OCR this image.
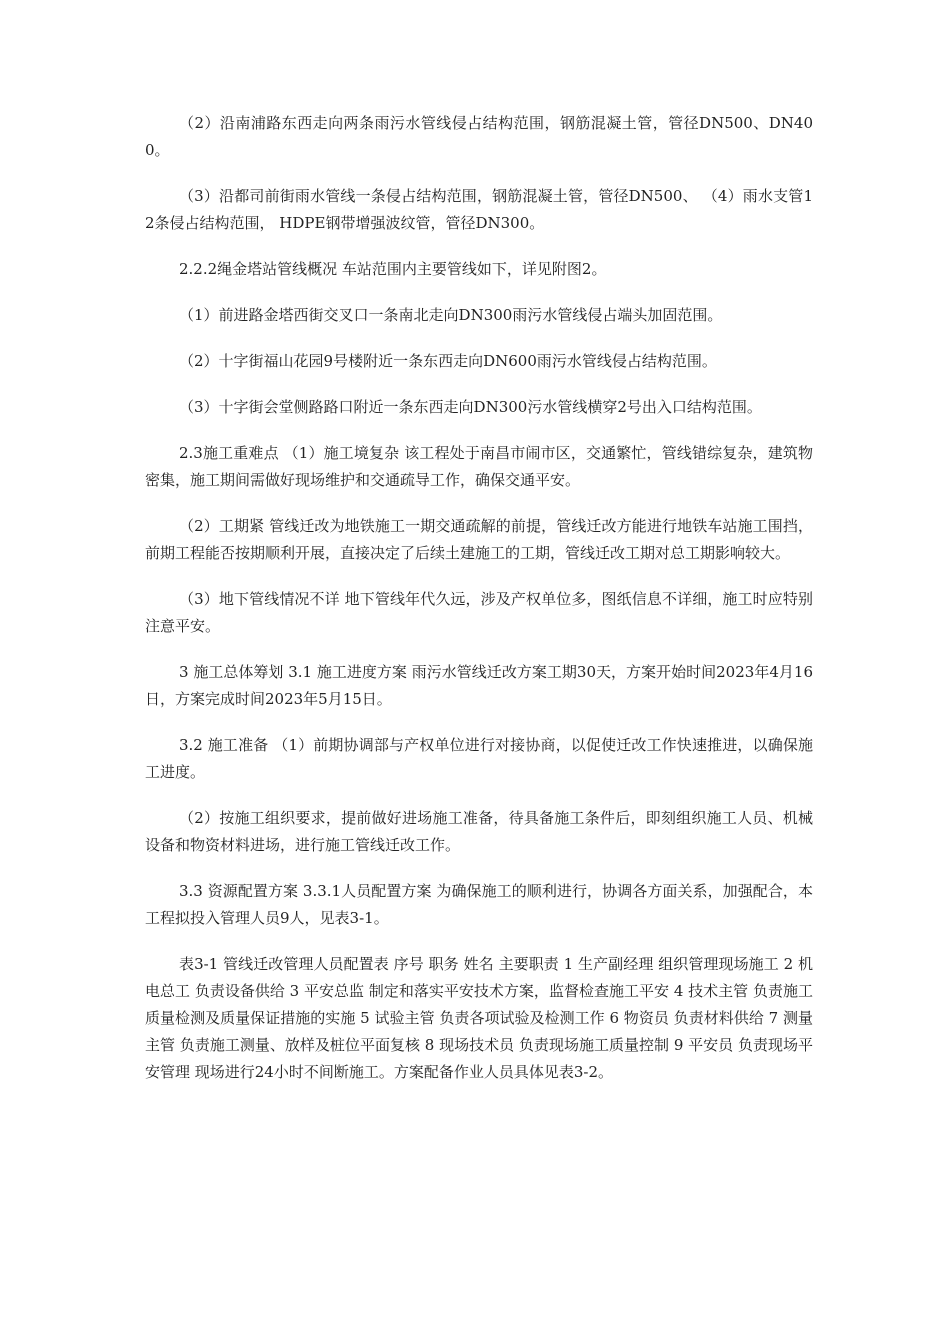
（2）沿南浦路东西走向两条雨污水管线侵占结构范围，钢筋混凝土管，管径DN500、DN400。

（3）沿都司前街雨水管线一条侵占结构范围，钢筋混凝土管，管径DN500、 （4）雨水支管12条侵占结构范围， HDPE钢带增强波纹管，管径DN300。

2.2.2绳金塔站管线概况 车站范围内主要管线如下，详见附图2。

（1）前进路金塔西街交叉口一条南北走向DN300雨污水管线侵占端头加固范围。

（2）十字街福山花园9号楼附近一条东西走向DN600雨污水管线侵占结构范围。

（3）十字街会堂侧路路口附近一条东西走向DN300污水管线横穿2号出入口结构范围。

2.3施工重难点 （1）施工境复杂 该工程处于南昌市闹市区，交通繁忙，管线错综复杂，建筑物密集，施工期间需做好现场维护和交通疏导工作，确保交通平安。

（2）工期紧 管线迁改为地铁施工一期交通疏解的前提，管线迁改方能进行地铁车站施工围挡，前期工程能否按期顺利开展，直接决定了后续土建施工的工期，管线迁改工期对总工期影响较大。

（3）地下管线情况不详 地下管线年代久远，涉及产权单位多，图纸信息不详细，施工时应特别注意平安。

3 施工总体筹划 3.1 施工进度方案 雨污水管线迁改方案工期30天，方案开始时间2023年4月16日，方案完成时间2023年5月15日。

3.2 施工准备 （1）前期协调部与产权单位进行对接协商，以促使迁改工作快速推进，以确保施工进度。

（2）按施工组织要求，提前做好进场施工准备，待具备施工条件后，即刻组织施工人员、机械设备和物资材料进场，进行施工管线迁改工作。

3.3 资源配置方案 3.3.1人员配置方案 为确保施工的顺利进行，协调各方面关系，加强配合，本工程拟投入管理人员9人，见表3-1。

表3-1 管线迁改管理人员配置表 序号 职务 姓名 主要职责 1 生产副经理 组织管理现场施工 2 机电总工 负责设备供给 3 平安总监 制定和落实平安技术方案，监督检查施工平安 4 技术主管 负责施工质量检测及质量保证措施的实施 5 试验主管 负责各项试验及检测工作 6 物资员 负责材料供给 7 测量主管 负责施工测量、放样及桩位平面复核 8 现场技术员 负责现场施工质量控制 9 平安员 负责现场平安管理 现场进行24小时不间断施工。方案配备作业人员具体见表3-2。
